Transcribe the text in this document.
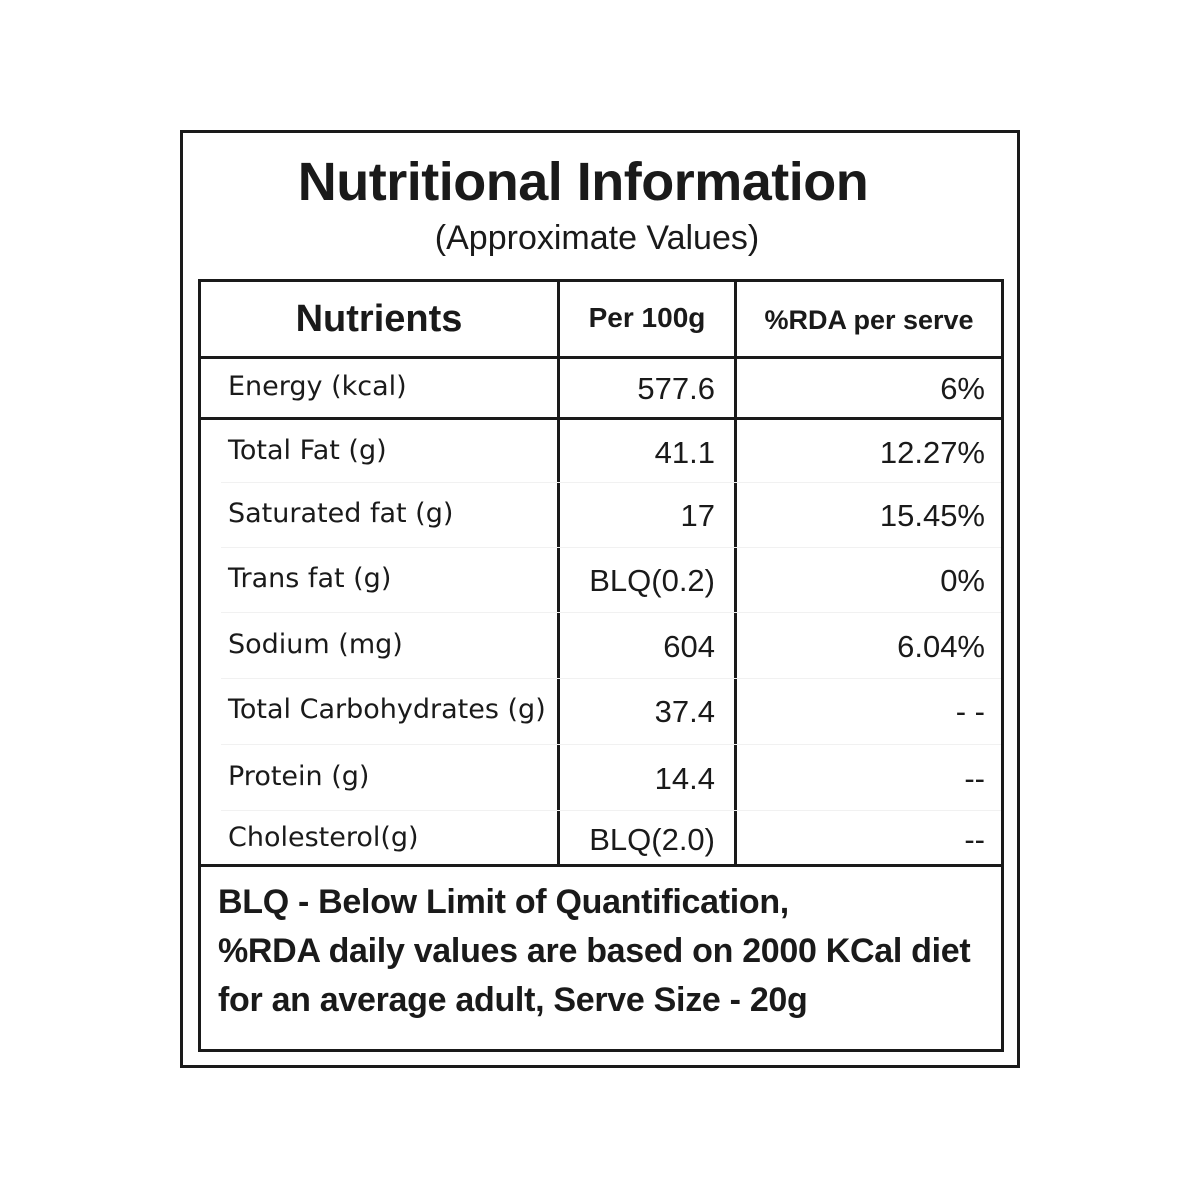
Nutritional Information
(Approximate Values)
Nutrients	Per 100g	%RDA per serve
Energy (kcal)	577.6	6%
Total Fat (g)	41.1	12.27%
Saturated fat (g)	17	15.45%
Trans fat (g)	BLQ(0.2)	0%
Sodium (mg)	604	6.04%
Total Carbohydrates (g)	37.4	- -
Protein (g)	14.4	--
Cholesterol(g)	BLQ(2.0)	--
BLQ - Below Limit of Quantification,
%RDA daily values are based on 2000 KCal diet
for an average adult, Serve Size - 20g
